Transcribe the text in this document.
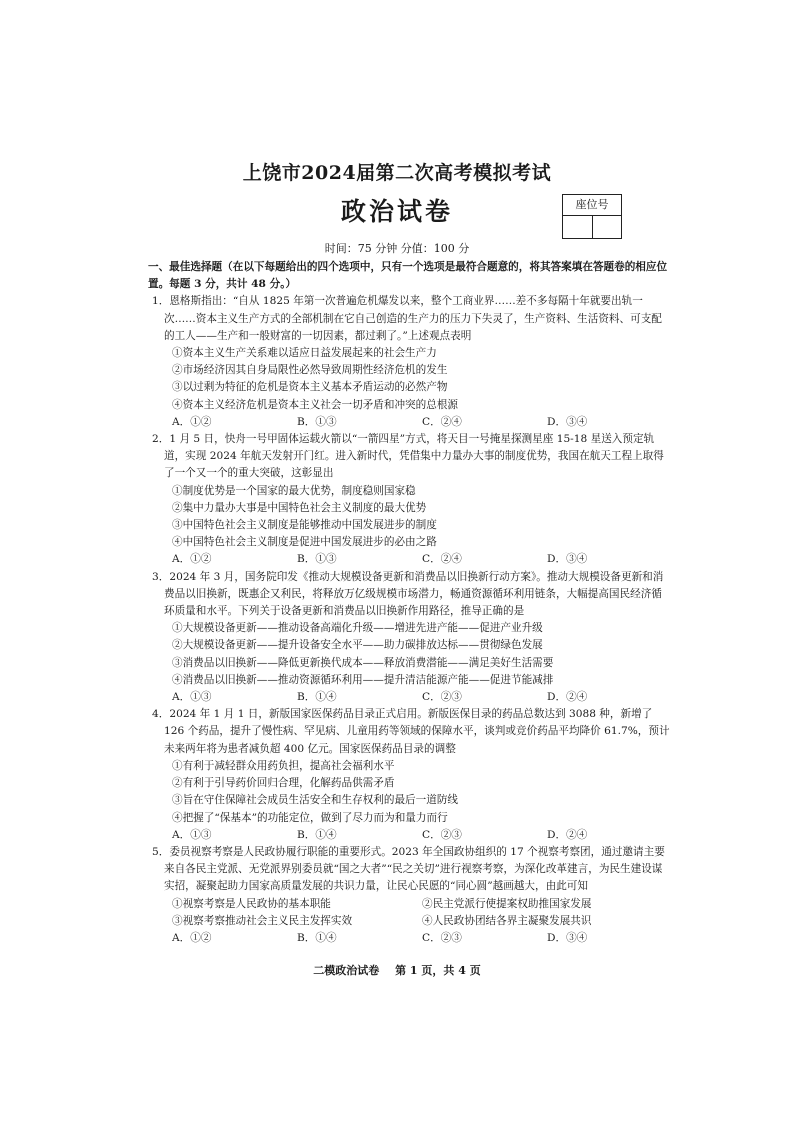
上饶市2024届第二次高考模拟考试
政治试卷	座位号
时间：75 分钟 分值：100 分
一、最佳选择题（在以下每题给出的四个选项中，只有一个选项是最符合题意的，将其答案填在答题卷的相应位置。每题 3 分，共计 48 分。）
1．恩格斯指出：“自从 1825 年第一次普遍危机爆发以来，整个工商业界……差不多每隔十年就要出轨一次……资本主义生产方式的全部机制在它自己创造的生产力的压力下失灵了，生产资料、生活资料、可支配的工人——生产和一般财富的一切因素，都过剩了。”上述观点表明
①资本主义生产关系难以适应日益发展起来的社会生产力
②市场经济因其自身局限性必然导致周期性经济危机的发生
③以过剩为特征的危机是资本主义基本矛盾运动的必然产物
④资本主义经济危机是资本主义社会一切矛盾和冲突的总根源
A．①②	B．①③	C．②④	D．③④
2．1 月 5 日，快舟一号甲固体运载火箭以“一箭四星”方式，将天目一号掩星探测星座 15-18 星送入预定轨道，实现 2024 年航天发射开门红。进入新时代，凭借集中力量办大事的制度优势，我国在航天工程上取得了一个又一个的重大突破，这彰显出
①制度优势是一个国家的最大优势，制度稳则国家稳
②集中力量办大事是中国特色社会主义制度的最大优势
③中国特色社会主义制度是能够推动中国发展进步的制度
④中国特色社会主义制度是促进中国发展进步的必由之路
A．①②	B．①③	C．②④	D．③④
3．2024 年 3 月，国务院印发《推动大规模设备更新和消费品以旧换新行动方案》。推动大规模设备更新和消费品以旧换新，既惠企又利民，将释放万亿级规模市场潜力，畅通资源循环利用链条，大幅提高国民经济循环质量和水平。下列关于设备更新和消费品以旧换新作用路径，推导正确的是
①大规模设备更新——推动设备高端化升级——增进先进产能——促进产业升级
②大规模设备更新——提升设备安全水平——助力碳排放达标——贯彻绿色发展
③消费品以旧换新——降低更新换代成本——释放消费潜能——满足美好生活需要
④消费品以旧换新——推动资源循环利用——提升清洁能源产能——促进节能减排
A．①③	B．①④	C．②③	D．②④
4．2024 年 1 月 1 日，新版国家医保药品目录正式启用。新版医保目录的药品总数达到 3088 种，新增了 126 个药品，提升了慢性病、罕见病、儿童用药等领域的保障水平，谈判或竞价药品平均降价 61.7%，预计未来两年将为患者减负超 400 亿元。国家医保药品目录的调整
①有利于减轻群众用药负担，提高社会福利水平
②有利于引导药价回归合理，化解药品供需矛盾
③旨在守住保障社会成员生活安全和生存权利的最后一道防线
④把握了“保基本”的功能定位，做到了尽力而为和量力而行
A．①③	B．①④	C．②③	D．②④
5．委员视察考察是人民政协履行职能的重要形式。2023 年全国政协组织的 17 个视察考察团，通过邀请主要来自各民主党派、无党派界别委员就“国之大者”“民之关切”进行视察考察，为深化改革建言，为民生建设谋实招，凝聚起助力国家高质量发展的共识力量，让民心民愿的“同心圆”越画越大，由此可知
①视察考察是人民政协的基本职能	②民主党派行使提案权助推国家发展
③视察考察推动社会主义民主发挥实效	④人民政协团结各界主凝聚发展共识
A．①②	B．①④	C．②③	D．③④
二模政治试卷 第 1 页，共 4 页
